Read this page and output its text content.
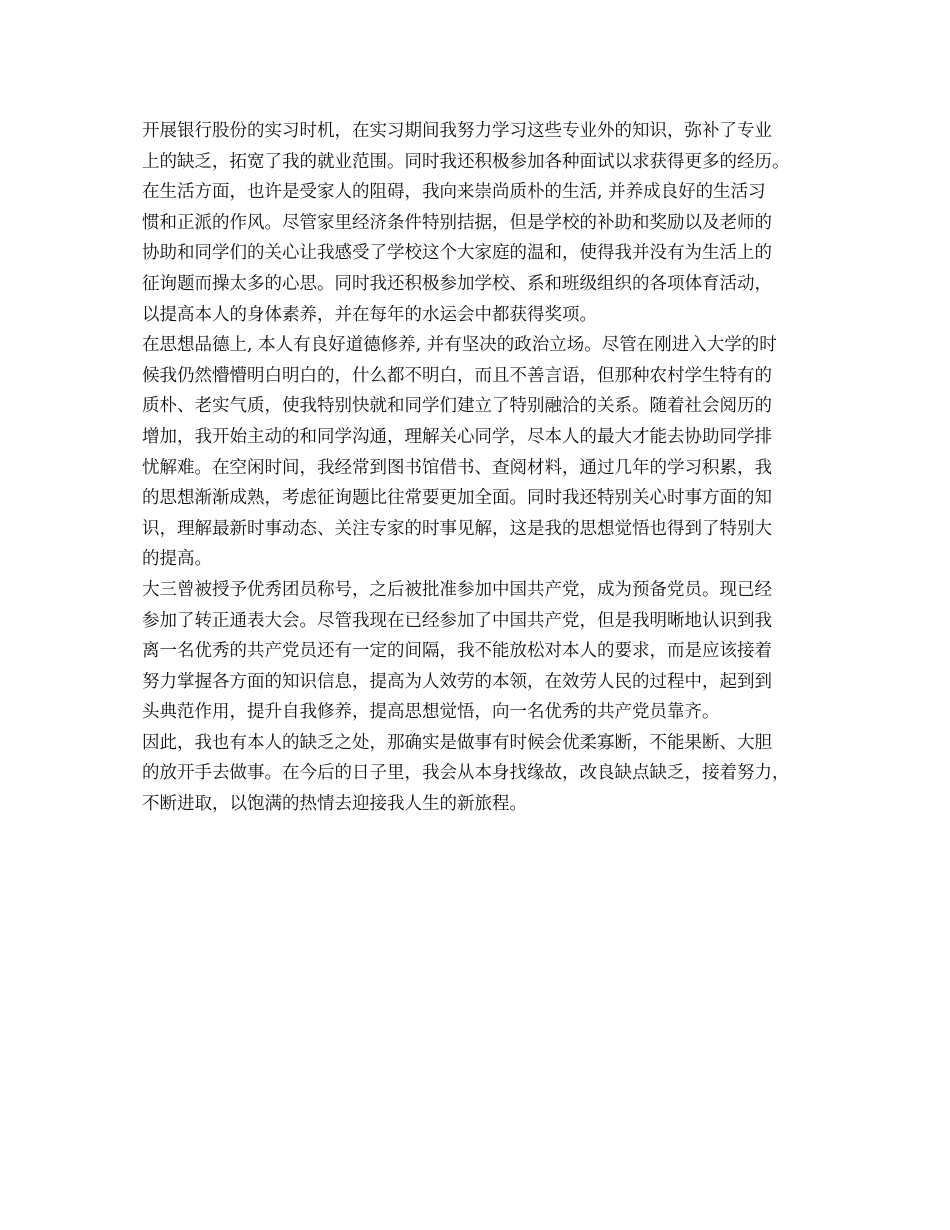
开展银行股份的实习时机，在实习期间我努力学习这些专业外的知识，弥补了专业
上的缺乏，拓宽了我的就业范围。同时我还积极参加各种面试以求获得更多的经历。
在生活方面，也许是受家人的阻碍，我向来崇尚质朴的生活, 并养成良好的生活习
惯和正派的作风。尽管家里经济条件特别拮据，但是学校的补助和奖励以及老师的
协助和同学们的关心让我感受了学校这个大家庭的温和，使得我并没有为生活上的
征询题而操太多的心思。同时我还积极参加学校、系和班级组织的各项体育活动，
以提高本人的身体素养，并在每年的水运会中都获得奖项。
在思想品德上, 本人有良好道德修养, 并有坚决的政治立场。尽管在刚进入大学的时
候我仍然懵懵明白明白的，什么都不明白，而且不善言语，但那种农村学生特有的
质朴、老实气质，使我特别快就和同学们建立了特别融洽的关系。随着社会阅历的
增加，我开始主动的和同学沟通，理解关心同学，尽本人的最大才能去协助同学排
忧解难。在空闲时间，我经常到图书馆借书、查阅材料，通过几年的学习积累，我
的思想渐渐成熟，考虑征询题比往常要更加全面。同时我还特别关心时事方面的知
识，理解最新时事动态、关注专家的时事见解，这是我的思想觉悟也得到了特别大
的提高。
大三曾被授予优秀团员称号，之后被批准参加中国共产党，成为预备党员。现已经
参加了转正通表大会。尽管我现在已经参加了中国共产党，但是我明晰地认识到我
离一名优秀的共产党员还有一定的间隔，我不能放松对本人的要求，而是应该接着
努力掌握各方面的知识信息，提高为人效劳的本领，在效劳人民的过程中，起到到
头典范作用，提升自我修养，提高思想觉悟，向一名优秀的共产党员靠齐。
因此，我也有本人的缺乏之处，那确实是做事有时候会优柔寡断，不能果断、大胆
的放开手去做事。在今后的日子里，我会从本身找缘故，改良缺点缺乏，接着努力，
不断进取，以饱满的热情去迎接我人生的新旅程。
